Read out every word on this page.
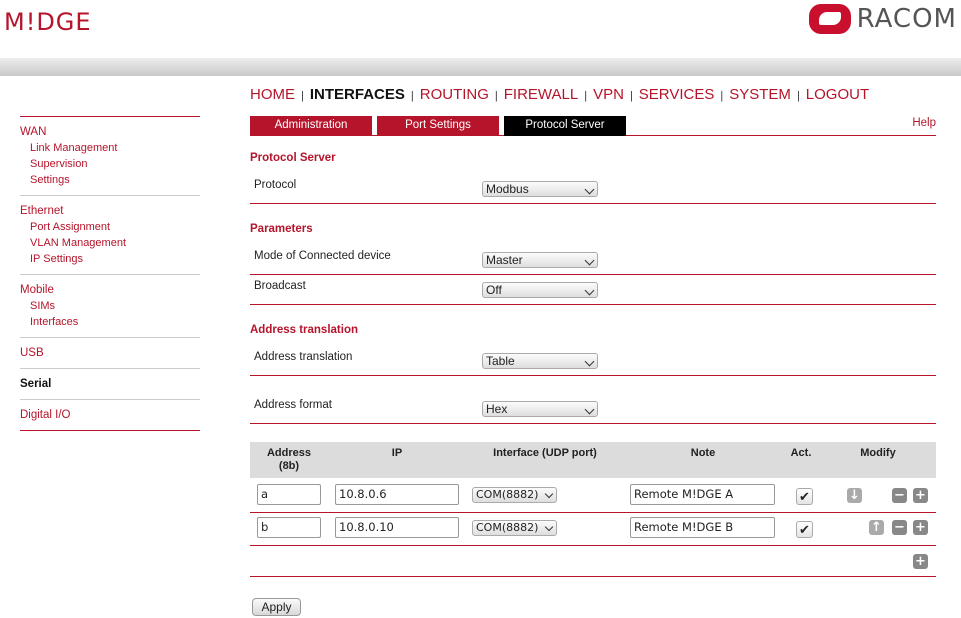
M!DGE	RACOM
HOME | INTERFACES | ROUTING | FIREWALL | VPN | SERVICES | SYSTEM | LOGOUT
WAN
Link Management
Supervision
Settings
Ethernet
Port Assignment
VLAN Management
IP Settings
Mobile
SIMs
Interfaces
USB
Serial
Digital I/O
Administration	Port Settings	Protocol Server	Help
Protocol Server
Protocol	Modbus
Parameters
Mode of Connected device	Master
Broadcast	Off
Address translation
Address translation	Table
Address format	Hex
Address
(8b)
IP	Interface (UDP port)	Note	Act.	Modify
a	10.8.0.6	COM(8882)	Remote M!DGE A	✔	↓	− +
b	10.8.0.10	COM(8882)	Remote M!DGE B	✔	↑ − +
+
Apply
